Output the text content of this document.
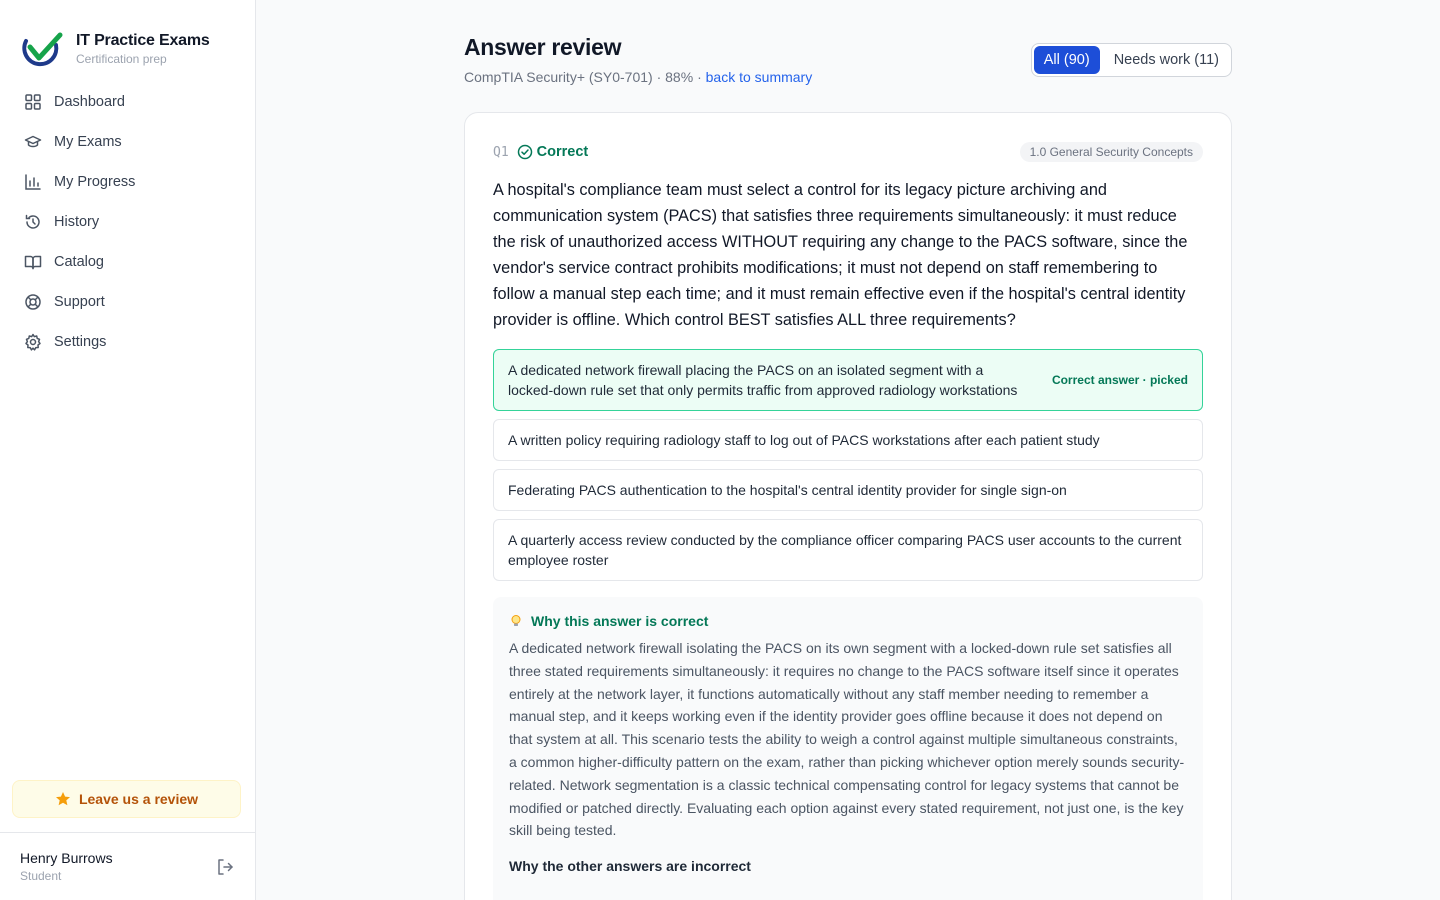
IT Practice Exams
Certification prep
Dashboard
My Exams
My Progress
History
Catalog
Support
Settings
Leave us a review
Henry Burrows
Student
Answer review
CompTIA Security+ (SY0-701) · 88% · back to summary
All (90)	Needs work (11)
Q1 Correct	1.0 General Security Concepts

A hospital's compliance team must select a control for its legacy picture archiving and communication system (PACS) that satisfies three requirements simultaneously: it must reduce the risk of unauthorized access WITHOUT requiring any change to the PACS software, since the vendor's service contract prohibits modifications; it must not depend on staff remembering to follow a manual step each time; and it must remain effective even if the hospital's central identity provider is offline. Which control BEST satisfies ALL three requirements?

A dedicated network firewall placing the PACS on an isolated segment with a locked-down rule set that only permits traffic from approved radiology workstations
Correct answer · picked
A written policy requiring radiology staff to log out of PACS workstations after each patient study
Federating PACS authentication to the hospital's central identity provider for single sign-on
A quarterly access review conducted by the compliance officer comparing PACS user accounts to the current employee roster
Why this answer is correct

A dedicated network firewall isolating the PACS on its own segment with a locked-down rule set satisfies all three stated requirements simultaneously: it requires no change to the PACS software itself since it operates entirely at the network layer, it functions automatically without any staff member needing to remember a manual step, and it keeps working even if the identity provider goes offline because it does not depend on that system at all. This scenario tests the ability to weigh a control against multiple simultaneous constraints, a common higher-difficulty pattern on the exam, rather than picking whichever option merely sounds security-related. Network segmentation is a classic technical compensating control for legacy systems that cannot be modified or patched directly. Evaluating each option against every stated requirement, not just one, is the key skill being tested.

Why the other answers are incorrect
